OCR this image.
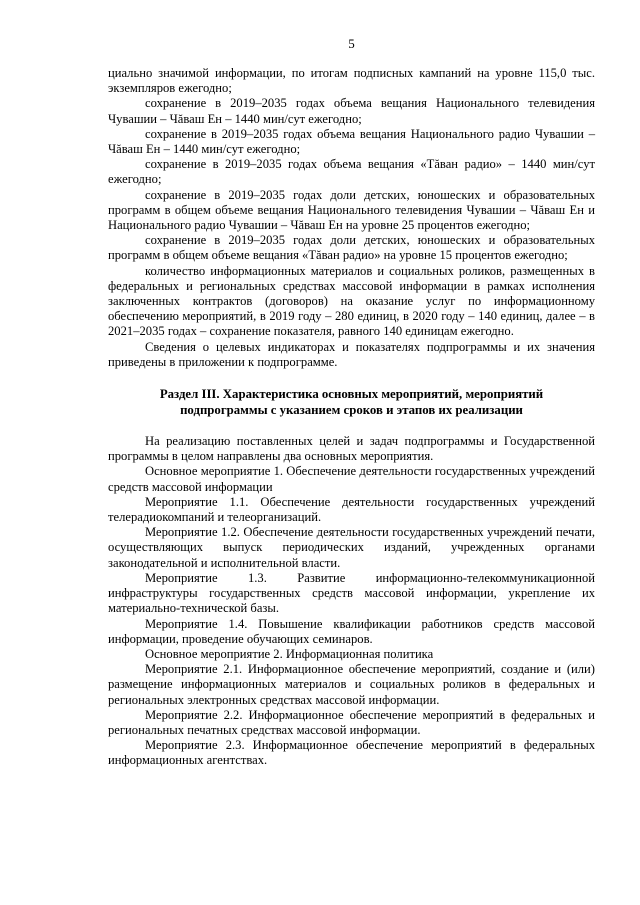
5

циально значимой информации, по итогам подписных кампаний на уровне 115,0 тыс. экземпляров ежегодно;

сохранение в 2019–2035 годах объема вещания Национального телевидения Чувашии – Чăваш Ен – 1440 мин/сут ежегодно;

сохранение в 2019–2035 годах объема вещания Национального радио Чувашии – Чăваш Ен – 1440 мин/сут ежегодно;

сохранение в 2019–2035 годах объема вещания «Тăван радио» – 1440 мин/сут ежегодно;

сохранение в 2019–2035 годах доли детских, юношеских и образовательных программ в общем объеме вещания Национального телевидения Чувашии – Чăваш Ен и Национального радио Чувашии – Чăваш Ен на уровне 25 процентов ежегодно;

сохранение в 2019–2035 годах доли детских, юношеских и образовательных программ в общем объеме вещания «Тăван радио» на уровне 15 процентов ежегодно;

количество информационных материалов и социальных роликов, размещенных в федеральных и региональных средствах массовой информации в рамках исполнения заключенных контрактов (договоров) на оказание услуг по информационному обеспечению мероприятий, в 2019 году – 280 единиц, в 2020 году – 140 единиц, далее – в 2021–2035 годах – сохранение показателя, равного 140 единицам ежегодно.

Сведения о целевых индикаторах и показателях подпрограммы и их значения приведены в приложении к подпрограмме.

Раздел III. Характеристика основных мероприятий, мероприятий
подпрограммы с указанием сроков и этапов их реализации

На реализацию поставленных целей и задач подпрограммы и Государственной программы в целом направлены два основных мероприятия.

Основное мероприятие 1. Обеспечение деятельности государственных учреждений средств массовой информации

Мероприятие 1.1. Обеспечение деятельности государственных учреждений телерадиокомпаний и телеорганизаций.

Мероприятие 1.2. Обеспечение деятельности государственных учреждений печати, осуществляющих выпуск периодических изданий, учрежденных органами законодательной и исполнительной власти.

Мероприятие 1.3. Развитие информационно-телекоммуникационной инфраструктуры государственных средств массовой информации, укрепление их материально-технической базы.

Мероприятие 1.4. Повышение квалификации работников средств массовой информации, проведение обучающих семинаров.

Основное мероприятие 2. Информационная политика

Мероприятие 2.1. Информационное обеспечение мероприятий, создание и (или) размещение информационных материалов и социальных роликов в федеральных и региональных электронных средствах массовой информации.

Мероприятие 2.2. Информационное обеспечение мероприятий в федеральных и региональных печатных средствах массовой информации.

Мероприятие 2.3. Информационное обеспечение мероприятий в федеральных информационных агентствах.
